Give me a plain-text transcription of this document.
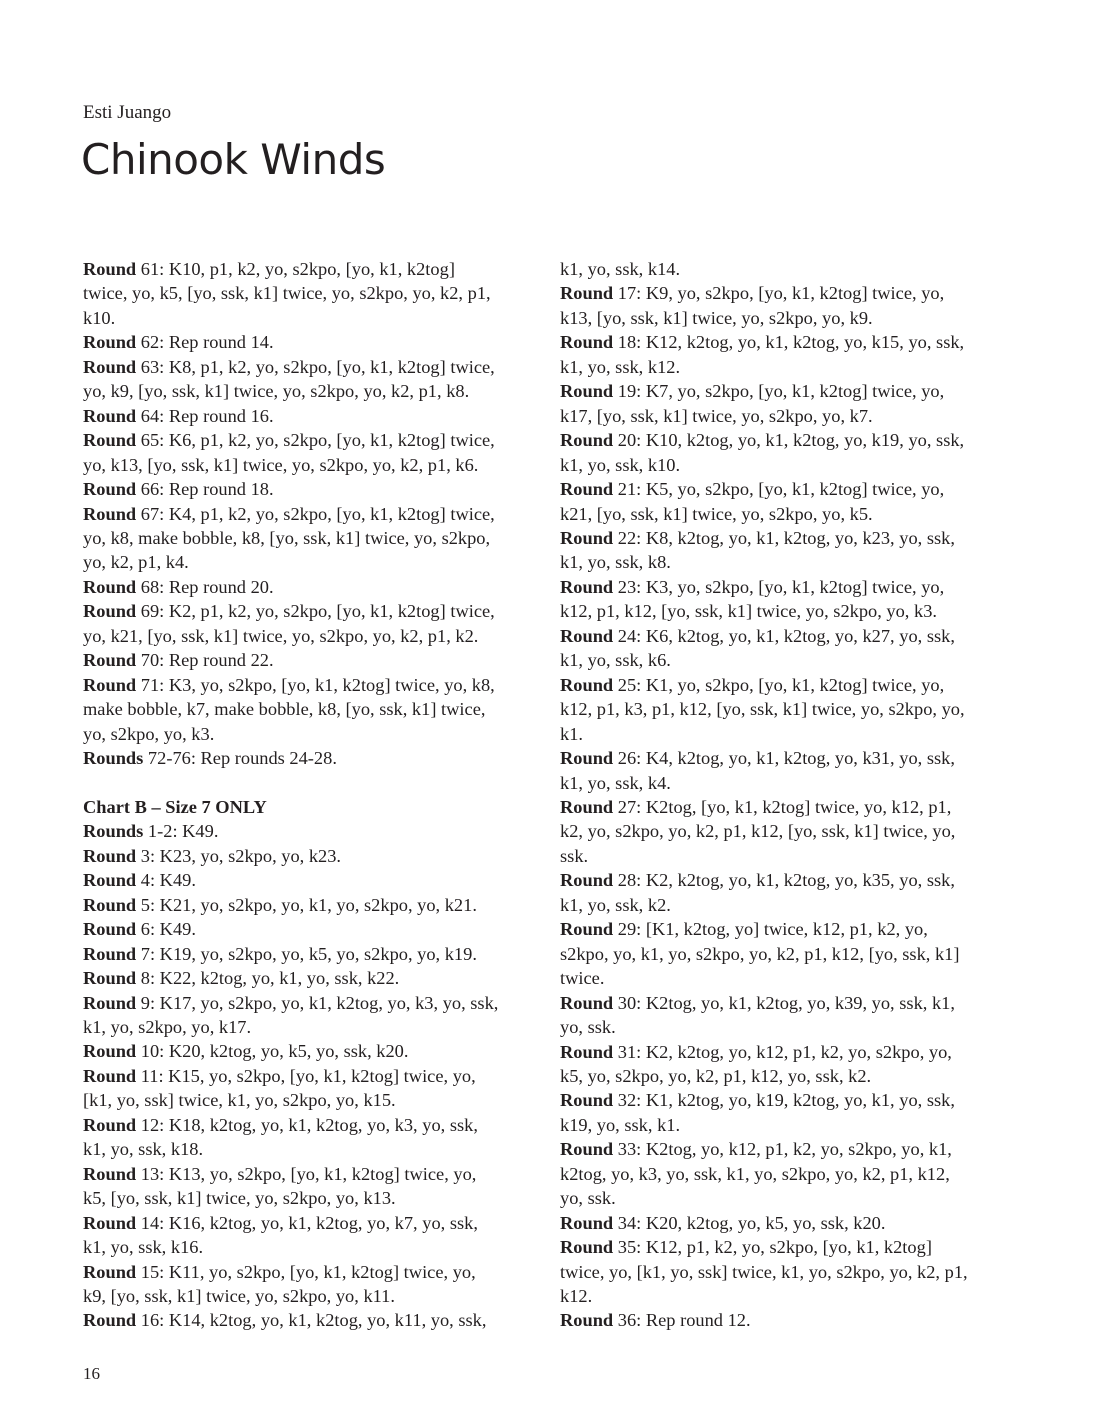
Esti Juango
Chinook Winds
Round 61: K10, p1, k2, yo, s2kpo, [yo, k1, k2tog]
twice, yo, k5, [yo, ssk, k1] twice, yo, s2kpo, yo, k2, p1,
k10.
Round 62: Rep round 14.
Round 63: K8, p1, k2, yo, s2kpo, [yo, k1, k2tog] twice,
yo, k9, [yo, ssk, k1] twice, yo, s2kpo, yo, k2, p1, k8.
Round 64: Rep round 16.
Round 65: K6, p1, k2, yo, s2kpo, [yo, k1, k2tog] twice,
yo, k13, [yo, ssk, k1] twice, yo, s2kpo, yo, k2, p1, k6.
Round 66: Rep round 18.
Round 67: K4, p1, k2, yo, s2kpo, [yo, k1, k2tog] twice,
yo, k8, make bobble, k8, [yo, ssk, k1] twice, yo, s2kpo,
yo, k2, p1, k4.
Round 68: Rep round 20.
Round 69: K2, p1, k2, yo, s2kpo, [yo, k1, k2tog] twice,
yo, k21, [yo, ssk, k1] twice, yo, s2kpo, yo, k2, p1, k2.
Round 70: Rep round 22.
Round 71: K3, yo, s2kpo, [yo, k1, k2tog] twice, yo, k8,
make bobble, k7, make bobble, k8, [yo, ssk, k1] twice,
yo, s2kpo, yo, k3.
Rounds 72-76: Rep rounds 24-28.
Chart B – Size 7 ONLY
Rounds 1-2: K49.
Round 3: K23, yo, s2kpo, yo, k23.
Round 4: K49.
Round 5: K21, yo, s2kpo, yo, k1, yo, s2kpo, yo, k21.
Round 6: K49.
Round 7: K19, yo, s2kpo, yo, k5, yo, s2kpo, yo, k19.
Round 8: K22, k2tog, yo, k1, yo, ssk, k22.
Round 9: K17, yo, s2kpo, yo, k1, k2tog, yo, k3, yo, ssk,
k1, yo, s2kpo, yo, k17.
Round 10: K20, k2tog, yo, k5, yo, ssk, k20.
Round 11: K15, yo, s2kpo, [yo, k1, k2tog] twice, yo,
[k1, yo, ssk] twice, k1, yo, s2kpo, yo, k15.
Round 12: K18, k2tog, yo, k1, k2tog, yo, k3, yo, ssk,
k1, yo, ssk, k18.
Round 13: K13, yo, s2kpo, [yo, k1, k2tog] twice, yo,
k5, [yo, ssk, k1] twice, yo, s2kpo, yo, k13.
Round 14: K16, k2tog, yo, k1, k2tog, yo, k7, yo, ssk,
k1, yo, ssk, k16.
Round 15: K11, yo, s2kpo, [yo, k1, k2tog] twice, yo,
k9, [yo, ssk, k1] twice, yo, s2kpo, yo, k11.
Round 16: K14, k2tog, yo, k1, k2tog, yo, k11, yo, ssk,
k1, yo, ssk, k14.
Round 17: K9, yo, s2kpo, [yo, k1, k2tog] twice, yo,
k13, [yo, ssk, k1] twice, yo, s2kpo, yo, k9.
Round 18: K12, k2tog, yo, k1, k2tog, yo, k15, yo, ssk,
k1, yo, ssk, k12.
Round 19: K7, yo, s2kpo, [yo, k1, k2tog] twice, yo,
k17, [yo, ssk, k1] twice, yo, s2kpo, yo, k7.
Round 20: K10, k2tog, yo, k1, k2tog, yo, k19, yo, ssk,
k1, yo, ssk, k10.
Round 21: K5, yo, s2kpo, [yo, k1, k2tog] twice, yo,
k21, [yo, ssk, k1] twice, yo, s2kpo, yo, k5.
Round 22: K8, k2tog, yo, k1, k2tog, yo, k23, yo, ssk,
k1, yo, ssk, k8.
Round 23: K3, yo, s2kpo, [yo, k1, k2tog] twice, yo,
k12, p1, k12, [yo, ssk, k1] twice, yo, s2kpo, yo, k3.
Round 24: K6, k2tog, yo, k1, k2tog, yo, k27, yo, ssk,
k1, yo, ssk, k6.
Round 25: K1, yo, s2kpo, [yo, k1, k2tog] twice, yo,
k12, p1, k3, p1, k12, [yo, ssk, k1] twice, yo, s2kpo, yo,
k1.
Round 26: K4, k2tog, yo, k1, k2tog, yo, k31, yo, ssk,
k1, yo, ssk, k4.
Round 27: K2tog, [yo, k1, k2tog] twice, yo, k12, p1,
k2, yo, s2kpo, yo, k2, p1, k12, [yo, ssk, k1] twice, yo,
ssk.
Round 28: K2, k2tog, yo, k1, k2tog, yo, k35, yo, ssk,
k1, yo, ssk, k2.
Round 29: [K1, k2tog, yo] twice, k12, p1, k2, yo,
s2kpo, yo, k1, yo, s2kpo, yo, k2, p1, k12, [yo, ssk, k1]
twice.
Round 30: K2tog, yo, k1, k2tog, yo, k39, yo, ssk, k1,
yo, ssk.
Round 31: K2, k2tog, yo, k12, p1, k2, yo, s2kpo, yo,
k5, yo, s2kpo, yo, k2, p1, k12, yo, ssk, k2.
Round 32: K1, k2tog, yo, k19, k2tog, yo, k1, yo, ssk,
k19, yo, ssk, k1.
Round 33: K2tog, yo, k12, p1, k2, yo, s2kpo, yo, k1,
k2tog, yo, k3, yo, ssk, k1, yo, s2kpo, yo, k2, p1, k12,
yo, ssk.
Round 34: K20, k2tog, yo, k5, yo, ssk, k20.
Round 35: K12, p1, k2, yo, s2kpo, [yo, k1, k2tog]
twice, yo, [k1, yo, ssk] twice, k1, yo, s2kpo, yo, k2, p1,
k12.
Round 36: Rep round 12.
16
